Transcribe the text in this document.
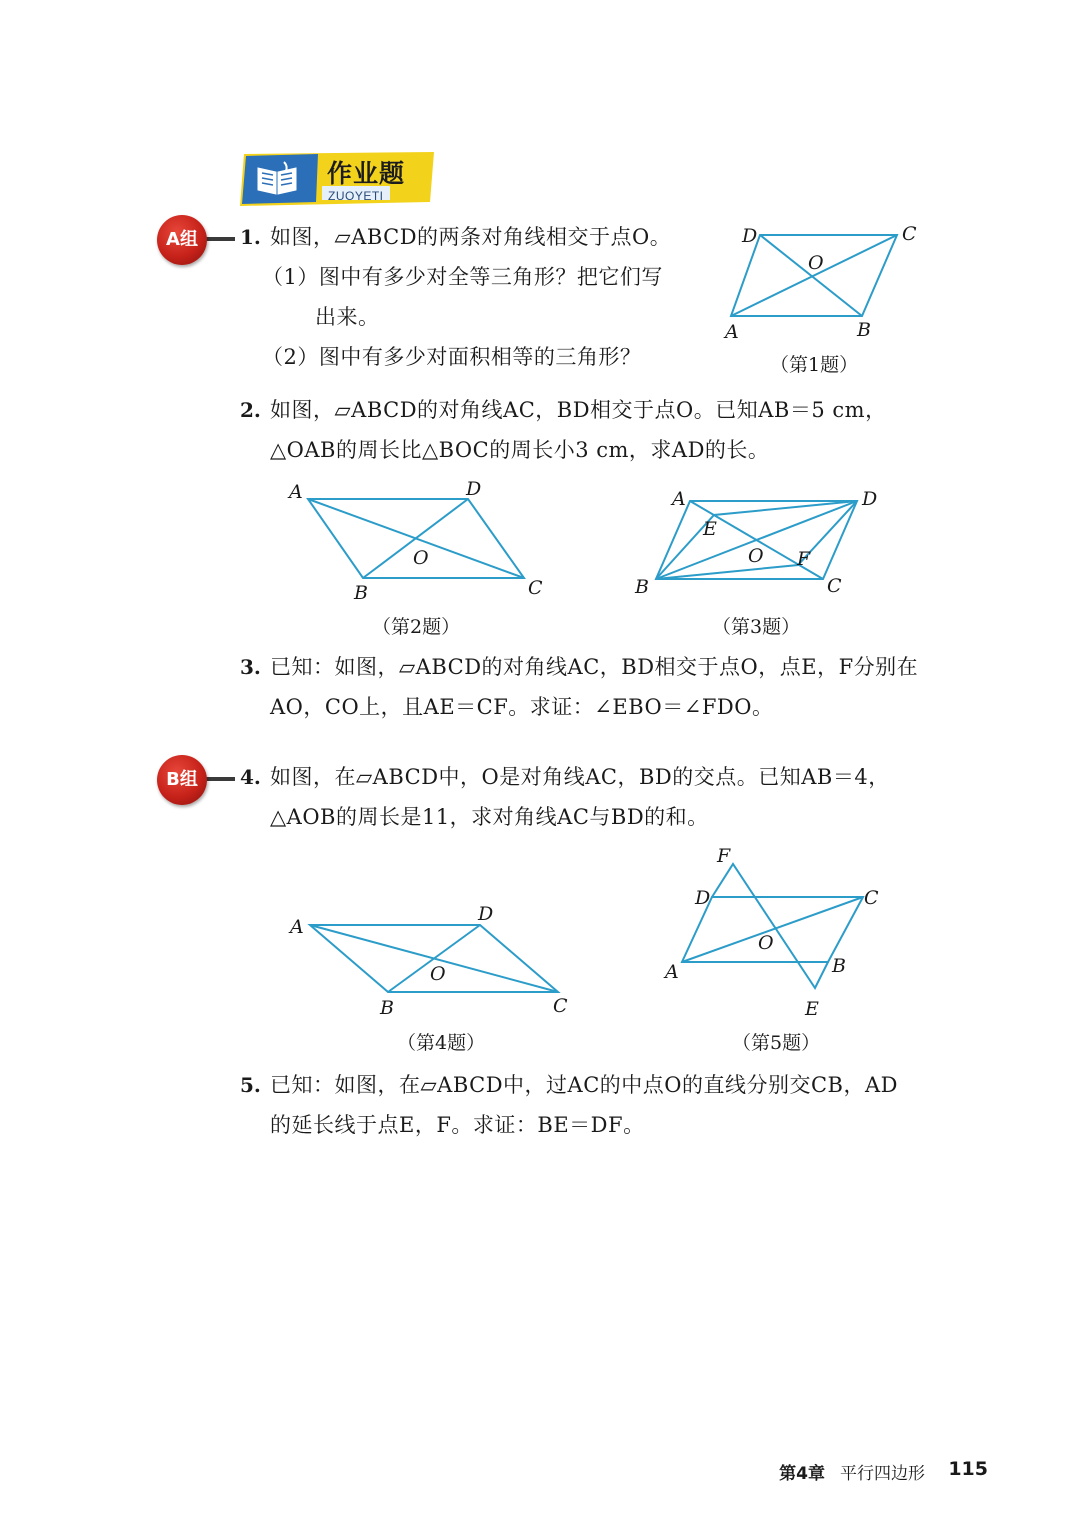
作业题
ZUOYETI
A组	1. 如图，▱ABCD的两条对角线相交于点O。
（1）图中有多少对全等三角形？把它们写
出来。
（2）图中有多少对面积相等的三角形？
D	C
O
A	B
（第1题）
2. 如图，▱ABCD的对角线AC，BD相交于点O。已知AB＝5 cm，
△OAB的周长比△BOC的周长小3 cm，求AD的长。
A	D
O
B	C
（第2题）
A	D
E
O F
B	C
（第3题）
3. 已知：如图，▱ABCD的对角线AC，BD相交于点O，点E，F分别在
AO，CO上，且AE＝CF。求证：∠EBO＝∠FDO。
B组	4. 如图，在▱ABCD中，O是对角线AC，BD的交点。已知AB＝4，
△AOB的周长是11，求对角线AC与BD的和。
A
D
O
B	C
（第4题）
F
D	C
O
B
A
E
（第5题）
5. 已知：如图，在▱ABCD中，过AC的中点O的直线分别交CB，AD
的延长线于点E，F。求证：BE＝DF。
第4章 平行四边形 115
